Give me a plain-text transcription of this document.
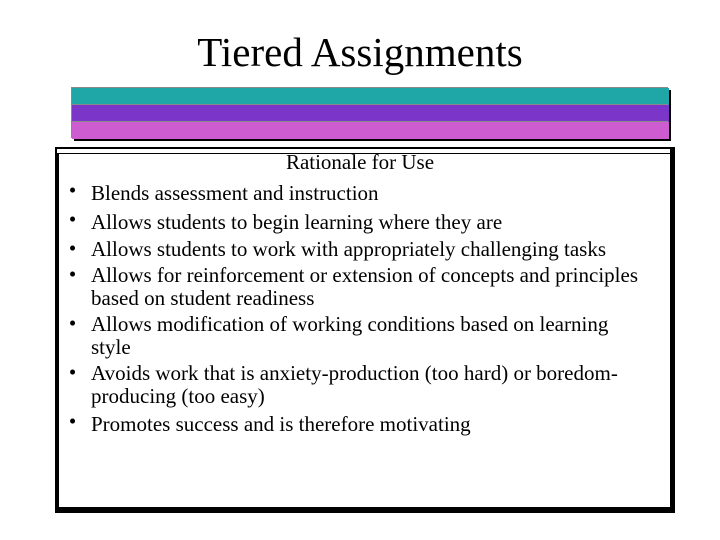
Tiered Assignments
Rationale for Use
• Blends assessment and instruction
• Allows students to begin learning where they are
• Allows students to work with appropriately challenging tasks
• Allows for reinforcement or extension of concepts and principles based on student readiness
• Allows modification of working conditions based on learning style
• Avoids work that is anxiety-production (too hard) or boredom-producing (too easy)
• Promotes success and is therefore motivating
